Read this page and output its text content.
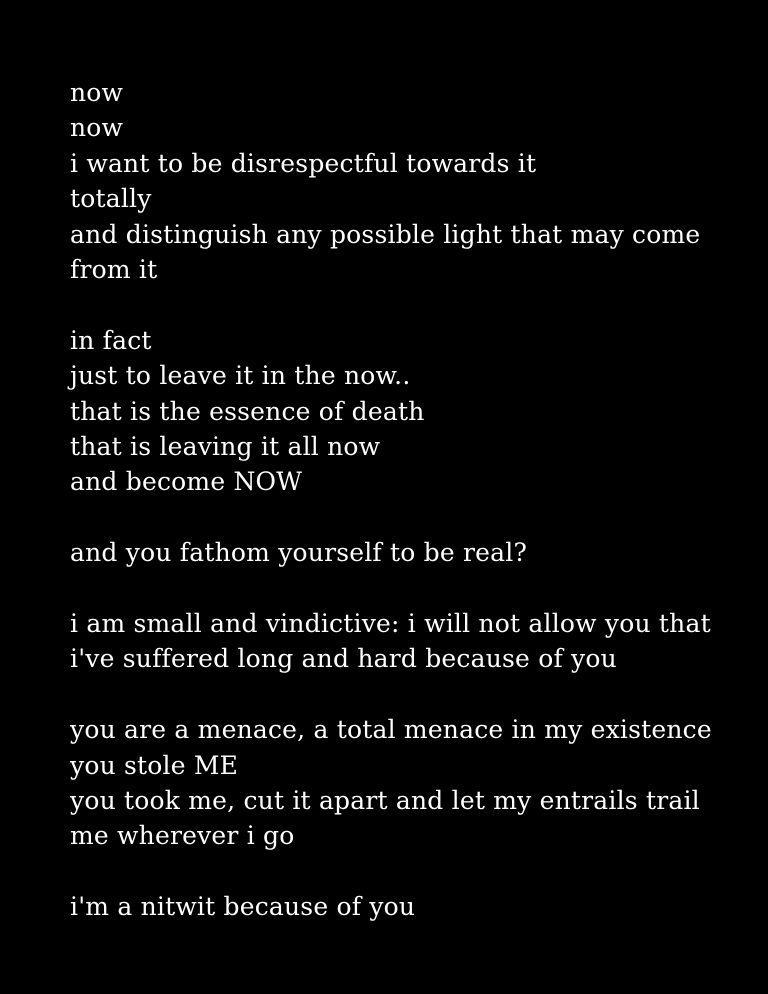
now
now
i want to be disrespectful towards it
totally
and distinguish any possible light that may come
from it
in fact
just to leave it in the now..
that is the essence of death
that is leaving it all now
and become NOW
and you fathom yourself to be real?
i am small and vindictive: i will not allow you that
i've suffered long and hard because of you
you are a menace, a total menace in my existence
you stole ME
you took me, cut it apart and let my entrails trail
me wherever i go
i'm a nitwit because of you
